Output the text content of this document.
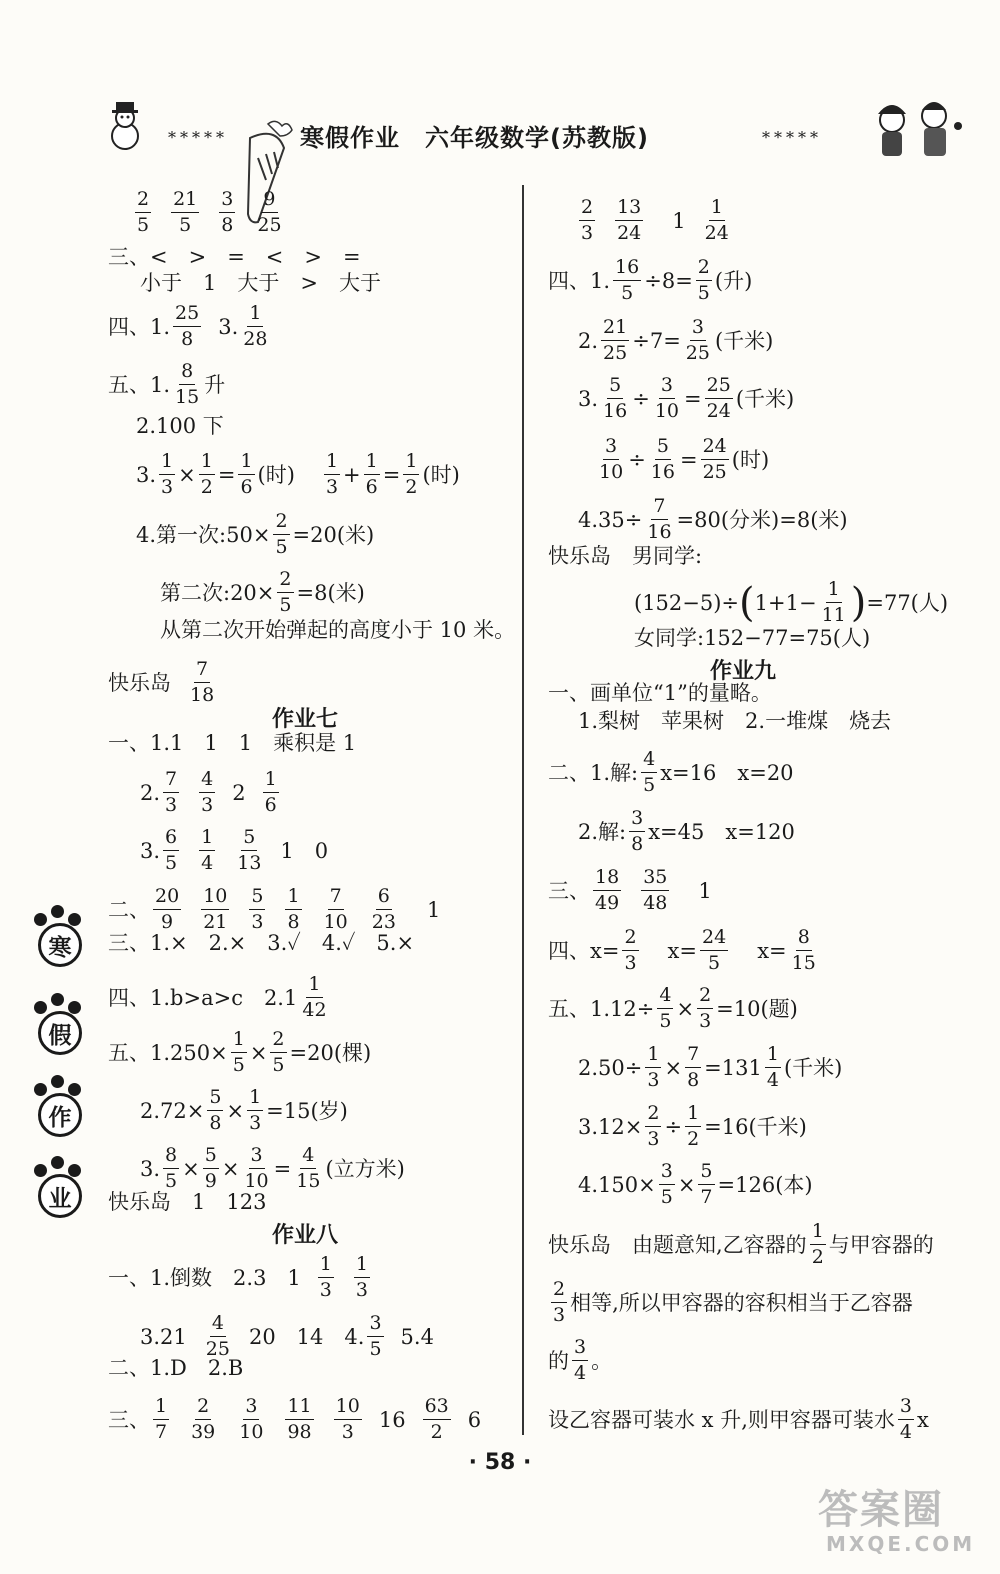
*****	寒假作业　六年级数学(苏教版)	*****
寒
假
作
业
2
5
21
5
3
8
9
25
三、<　>　=　<　>　=
小于　1　大于　>　大于
四、1.
25
8
3.
1
28
五、1.
8
15
升
2.100 下
3. $\frac{1}{3} \times \frac{1}{2} = \frac{1}{6}$ (时)
1
3
+ $\frac{1}{6} = \frac{1}{2}$ (时)
4.第一次:50× $\frac{2}{5} =20$(米)
第二次:20× $\frac{2}{5} =8$(米)
从第二次开始弹起的高度小于 10 米。
快乐岛
7
18
作业七
一、1.1　1　1　乘积是 1
2.
7
3
4
3
2
1
6
3.
6
5
1
4
5
13
1　0
二、
20
9
10
21
5
3
1
8
7
10
6
23
1
三、1.×　2.×　3.✓　4.✓　5.×
四、1.b>a>c　2.1
1
42
五、$1.250\times \frac{1}{5} \times \frac{2}{5} =20$(棵)
$2.72\times \frac{5}{8} \times \frac{1}{3} =15$(岁)
3. $\frac{8}{5} \times \frac{5}{9} \times \frac{3}{10} = \frac{4}{15}$ (立方米)
快乐岛　1　123
作业八
一、1.倒数　2.3　1
1
3
1
3
3.21
4
25
20　14　4.
3
5
5.4
二、1.D　2.B
三、
1
7
2
39
3
10
11
98
10
3
16
63
2
6
2
3
13
24
1
1
24
四、1. $\frac{16}{5} \div 8= \frac{2}{5}$ (升)
2. $\frac{21}{25} \div 7= \frac{3}{25}$ (千米)
3. $\frac{5}{16} \div \frac{3}{10} = \frac{25}{24}$ (千米)
$\frac{3}{10} \div \frac{5}{16} = \frac{24}{25}$ (时)
$4.35\div \frac{7}{16} =80$(分米)=8(米)
快乐岛　男同学:
(152−5)÷ ( $1+1- \frac{1}{11}$ ) =77(人)
女同学:152−77=75(人)
作业九
一、画单位“1”的量略。
1.梨树　苹果树　2.一堆煤　烧去
二、1.解:
4
5
x=16　x=20
2.解:
3
8
x=45　x=120
三、
18
49
35
48
1
四、$x= \frac{2}{3} x= \frac{24}{5} x= \frac{8}{15}$
五、$1.12\div \frac{4}{5} \times \frac{2}{3} =10$(题)
$2.50\div \frac{1}{3} \times \frac{7}{8} =131$
1
4
(千米)
$3.12\times \frac{2}{3} \div \frac{1}{2} =16$(千米)
$4.150\times \frac{3}{5} \times \frac{5}{7} =126$(本)
快乐岛　由题意知,乙容器的
1
2
与甲容器的
2
3
相等,所以甲容器的容积相当于乙容器
的
3
4
。
设乙容器可装水 x 升,则甲容器可装水
3
4
x
· 58 ·
答案圈
MXQE.COM
